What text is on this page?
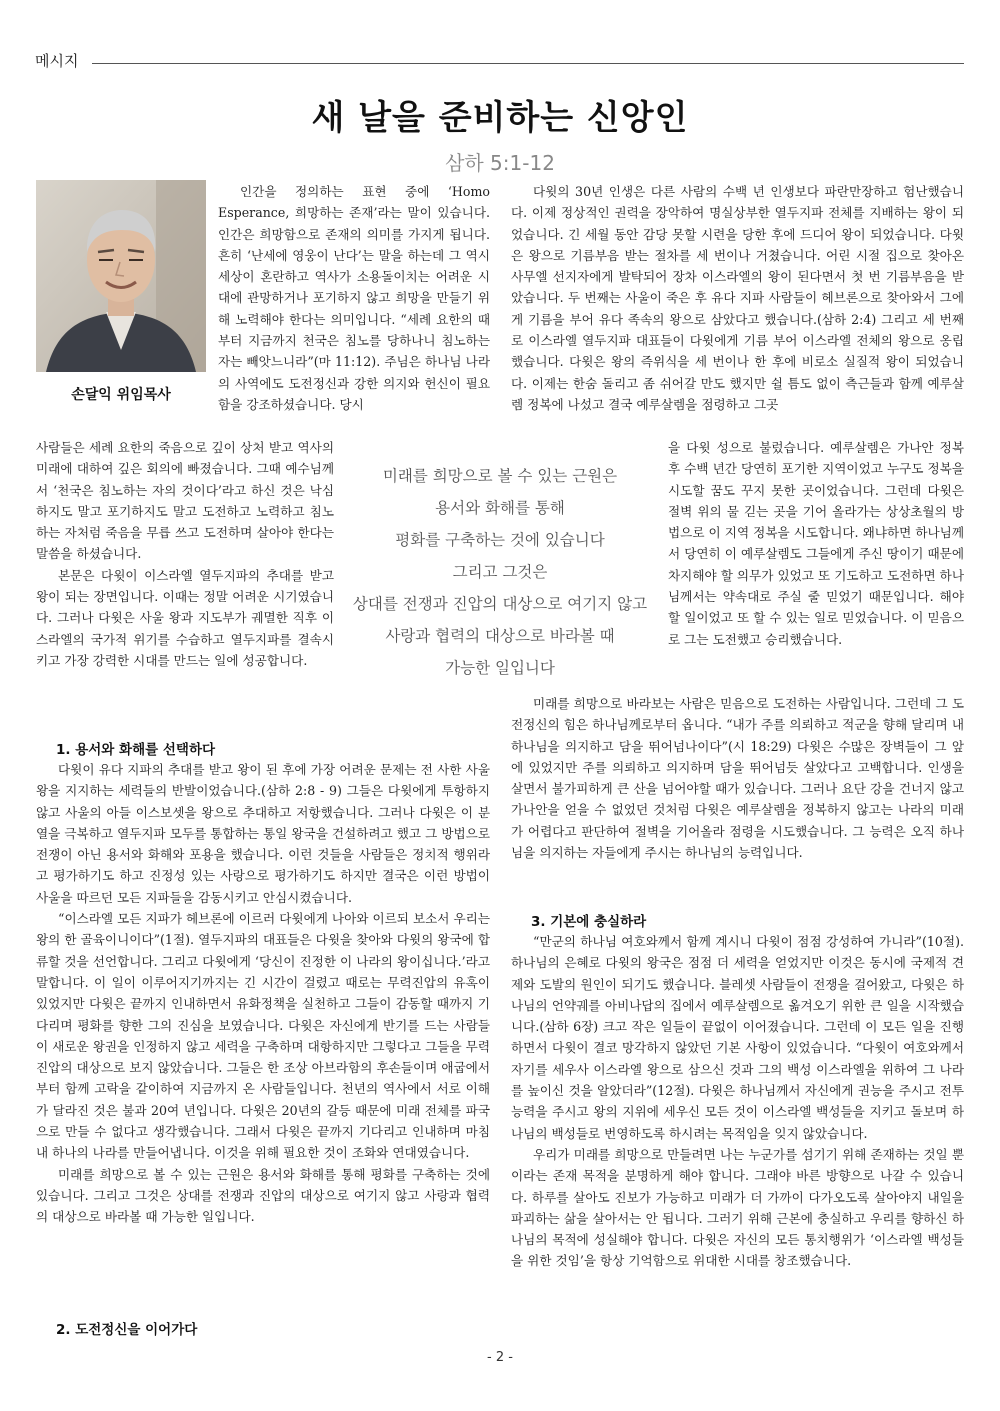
메시지
새 날을 준비하는 신앙인
삼하 5:1-12
손달익 위임목사

인간을 정의하는 표현 중에 ‘Homo Esperance, 희망하는 존재’라는 말이 있습니다. 인간은 희망함으로 존재의 의미를 가지게 됩니다. 흔히 ‘난세에 영웅이 난다’는 말을 하는데 그 역시 세상이 혼란하고 역사가 소용돌이치는 어려운 시대에 관망하거나 포기하지 않고 희망을 만들기 위해 노력해야 한다는 의미입니다. “세례 요한의 때부터 지금까지 천국은 침노를 당하나니 침노하는 자는 빼앗느니라”(마 11:12). 주님은 하나님 나라의 사역에도 도전정신과 강한 의지와 헌신이 필요함을 강조하셨습니다. 당시

사람들은 세례 요한의 죽음으로 깊이 상처 받고 역사의 미래에 대하여 깊은 회의에 빠졌습니다. 그때 예수님께서 ‘천국은 침노하는 자의 것이다’라고 하신 것은 낙심하지도 말고 포기하지도 말고 도전하고 노력하고 침노하는 자처럼 죽음을 무릅 쓰고 도전하며 살아야 한다는 말씀을 하셨습니다.

본문은 다윗이 이스라엘 열두지파의 추대를 받고 왕이 되는 장면입니다. 이때는 정말 어려운 시기였습니다. 그러나 다윗은 사울 왕과 지도부가 궤멸한 직후 이스라엘의 국가적 위기를 수습하고 열두지파를 결속시키고 가장 강력한 시대를 만드는 일에 성공합니다.

미래를 희망으로 볼 수 있는 근원은
용서와 화해를 통해
평화를 구축하는 것에 있습니다
그리고 그것은
상대를 전쟁과 진압의 대상으로 여기지 않고
사랑과 협력의 대상으로 바라볼 때
가능한 일입니다
1. 용서와 화해를 선택하다

다윗이 유다 지파의 추대를 받고 왕이 된 후에 가장 어려운 문제는 전 사한 사울 왕을 지지하는 세력들의 반발이었습니다.(삼하 2:8 - 9) 그들은 다윗에게 투항하지 않고 사울의 아들 이스보셋을 왕으로 추대하고 저항했습니다. 그러나 다윗은 이 분열을 극복하고 열두지파 모두를 통합하는 통일 왕국을 건설하려고 했고 그 방법으로 전쟁이 아닌 용서와 화해와 포용을 했습니다. 이런 것들을 사람들은 정치적 행위라고 평가하기도 하고 진정성 있는 사랑으로 평가하기도 하지만 결국은 이런 방법이 사울을 따르던 모든 지파들을 감동시키고 안심시켰습니다.

“이스라엘 모든 지파가 헤브론에 이르러 다윗에게 나아와 이르되 보소서 우리는 왕의 한 골육이니이다”(1절). 열두지파의 대표들은 다윗을 찾아와 다윗의 왕국에 합류할 것을 선언합니다. 그리고 다윗에게 ‘당신이 진정한 이 나라의 왕이십니다.’라고 말합니다. 이 일이 이루어지기까지는 긴 시간이 걸렸고 때로는 무력진압의 유혹이 있었지만 다윗은 끝까지 인내하면서 유화정책을 실천하고 그들이 감동할 때까지 기다리며 평화를 향한 그의 진심을 보였습니다. 다윗은 자신에게 반기를 드는 사람들이 새로운 왕권을 인정하지 않고 세력을 구축하며 대항하지만 그렇다고 그들을 무력진압의 대상으로 보지 않았습니다. 그들은 한 조상 아브라함의 후손들이며 애굽에서부터 함께 고락을 같이하여 지금까지 온 사람들입니다. 천년의 역사에서 서로 이해가 달라진 것은 불과 20여 년입니다. 다윗은 20년의 갈등 때문에 미래 전체를 파국으로 만들 수 없다고 생각했습니다. 그래서 다윗은 끝까지 기다리고 인내하며 마침내 하나의 나라를 만들어냅니다. 이것을 위해 필요한 것이 조화와 연대였습니다.

미래를 희망으로 볼 수 있는 근원은 용서와 화해를 통해 평화를 구축하는 것에 있습니다. 그리고 그것은 상대를 전쟁과 진압의 대상으로 여기지 않고 사랑과 협력의 대상으로 바라볼 때 가능한 일입니다.

2. 도전정신을 이어가다

다윗의 30년 인생은 다른 사람의 수백 년 인생보다 파란만장하고 험난했습니다. 이제 정상적인 권력을 장악하여 명실상부한 열두지파 전체를 지배하는 왕이 되었습니다. 긴 세월 동안 감당 못할 시련을 당한 후에 드디어 왕이 되었습니다. 다윗은 왕으로 기름부음 받는 절차를 세 번이나 거쳤습니다. 어린 시절 집으로 찾아온 사무엘 선지자에게 발탁되어 장차 이스라엘의 왕이 된다면서 첫 번 기름부음을 받았습니다. 두 번째는 사울이 죽은 후 유다 지파 사람들이 헤브론으로 찾아와서 그에게 기름을 부어 유다 족속의 왕으로 삼았다고 했습니다.(삼하 2:4) 그리고 세 번째로 이스라엘 열두지파 대표들이 다윗에게 기름 부어 이스라엘 전체의 왕으로 옹립했습니다. 다윗은 왕의 즉위식을 세 번이나 한 후에 비로소 실질적 왕이 되었습니다. 이제는 한숨 돌리고 좀 쉬어갈 만도 했지만 쉴 틈도 없이 측근들과 함께 예루살렘 정복에 나섰고 결국 예루살렘을 점령하고 그곳

을 다윗 성으로 불렀습니다. 예루살렘은 가나안 정복 후 수백 년간 당연히 포기한 지역이었고 누구도 정복을 시도할 꿈도 꾸지 못한 곳이었습니다. 그런데 다윗은 절벽 위의 물 긷는 곳을 기어 올라가는 상상초월의 방법으로 이 지역 정복을 시도합니다. 왜냐하면 하나님께서 당연히 이 예루살렘도 그들에게 주신 땅이기 때문에 차지해야 할 의무가 있었고 또 기도하고 도전하면 하나님께서는 약속대로 주실 줄 믿었기 때문입니다. 해야 할 일이었고 또 할 수 있는 일로 믿었습니다. 이 믿음으로 그는 도전했고 승리했습니다.

미래를 희망으로 바라보는 사람은 믿음으로 도전하는 사람입니다. 그런데 그 도전정신의 힘은 하나님께로부터 옵니다. “내가 주를 의뢰하고 적군을 향해 달리며 내 하나님을 의지하고 담을 뛰어넘나이다”(시 18:29) 다윗은 수많은 장벽들이 그 앞에 있었지만 주를 의뢰하고 의지하며 담을 뛰어넘듯 살았다고 고백합니다. 인생을 살면서 불가피하게 큰 산을 넘어야할 때가 있습니다. 그러나 요단 강을 건너지 않고 가나안을 얻을 수 없었던 것처럼 다윗은 예루살렘을 정복하지 않고는 나라의 미래가 어렵다고 판단하여 절벽을 기어올라 점령을 시도했습니다. 그 능력은 오직 하나님을 의지하는 자들에게 주시는 하나님의 능력입니다.

3. 기본에 충실하라

“만군의 하나님 여호와께서 함께 계시니 다윗이 점점 강성하여 가니라”(10절). 하나님의 은혜로 다윗의 왕국은 점점 더 세력을 얻었지만 이것은 동시에 국제적 견제와 도발의 원인이 되기도 했습니다. 블레셋 사람들이 전쟁을 걸어왔고, 다윗은 하나님의 언약궤를 아비나답의 집에서 예루살렘으로 옮겨오기 위한 큰 일을 시작했습니다.(삼하 6장) 크고 작은 일들이 끝없이 이어졌습니다. 그런데 이 모든 일을 진행하면서 다윗이 결코 망각하지 않았던 기본 사항이 있었습니다. “다윗이 여호와께서 자기를 세우사 이스라엘 왕으로 삼으신 것과 그의 백성 이스라엘을 위하여 그 나라를 높이신 것을 알았더라”(12절). 다윗은 하나님께서 자신에게 권능을 주시고 전투 능력을 주시고 왕의 지위에 세우신 모든 것이 이스라엘 백성들을 지키고 돌보며 하나님의 백성들로 번영하도록 하시려는 목적임을 잊지 않았습니다.

우리가 미래를 희망으로 만들려면 나는 누군가를 섬기기 위해 존재하는 것일 뿐이라는 존재 목적을 분명하게 해야 합니다. 그래야 바른 방향으로 나갈 수 있습니다. 하루를 살아도 진보가 가능하고 미래가 더 가까이 다가오도록 살아야지 내일을 파괴하는 삶을 살아서는 안 됩니다. 그러기 위해 근본에 충실하고 우리를 향하신 하나님의 목적에 성실해야 합니다. 다윗은 자신의 모든 통치행위가 ‘이스라엘 백성들을 위한 것임’을 항상 기억함으로 위대한 시대를 창조했습니다.

- 2 -
